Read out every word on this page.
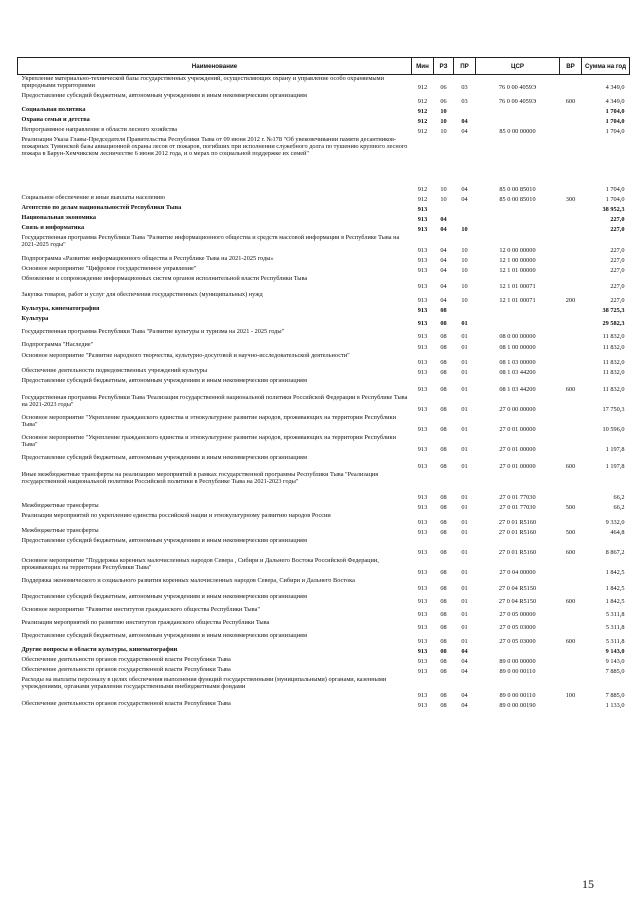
Наименование	Мин	РЗ	ПР	ЦСР	ВР	Сумма на год
Укрепление материально-технической базы государственных учреждений, осуществляющих охрану и управление особо охраняемыми природными территориями	912	06	03	76 0 00 4059Э		4 349,0
Предоставление субсидий бюджетным, автономным учреждениям и иным некоммерческим организациям	912	06	03	76 0 00 4059Э	600	4 349,0
Социальная политика	912	10				1 704,0
Охрана семьи и детства	912	10	04			1 704,0
Непрограммное направление в области лесного хозяйства	912	10	04	85 0 00 00000		1 704,0
Реализация Указа Главы-Председателя Правительства Республики Тыва от 09 июня 2012 г. №178 "Об увековечивании памяти десантников-пожарных Тувинской базы авиационной охраны лесов от пожаров, погибших при исполнении служебного долга по тушению крупного лесного пожара в Барун-Хемчикском лесничестве 6 июня 2012 года, и о мерах по социальной поддержке их семей"	912	10	04	85 0 00 85010		1 704,0
Социальное обеспечение и иные выплаты населению	912	10	04	85 0 00 85010	300	1 704,0
Агентство по делам национальностей Республики Тыва	913					38 952,3
Национальная экономика	913	04				227,0
Связь и информатика	913	04	10			227,0
Государственная программа Республики Тыва "Развитие информационного общества и средств массовой информации в Республике Тыва на 2021-2025 годы"	913	04	10	12 0 00 00000		227,0
Подпрограмма «Развитие информационного общества в Республике Тыва на 2021-2025 годы»	913	04	10	12 1 00 00000		227,0
Основное мероприятие "Цифровое государственное управление"	913	04	10	12 1 01 00000		227,0
Обновление и сопровождение информационных систем органов исполнительной власти Республики Тыва	913	04	10	12 1 01 00071		227,0
Закупка товаров, работ и услуг для обеспечения государственных (муниципальных) нужд	913	04	10	12 1 01 00071	200	227,0
Культура, кинематография	913	08				38 725,3
Культура	913	08	01			29 582,3
Государственная программа Республики Тыва "Развитие культуры и туризма на 2021 - 2025 годы"	913	08	01	08 0 00 00000		11 832,0
Подпрограмма "Наследие"	913	08	01	08 1 00 00000		11 832,0
Основное мероприятие "Развитие народного творчества, культурно-досуговой и научно-исследовательской деятельности"	913	08	01	08 1 03 00000		11 832,0
Обеспечение деятельности подведомственных учреждений культуры	913	08	01	08 1 03 44200		11 832,0
Предоставление субсидий бюджетным, автономным учреждениям и иным некоммерческим организациям	913	08	01	08 1 03 44200	600	11 832,0
Государственная программа Республики Тыва 'Реализация государственной национальной политики Российской Федерации в Республике Тыва на 2021-2023 годы"	913	08	01	27 0 00 00000		17 750,3
Основное мероприятие "Укрепление гражданского единства и этнокультурное развитие народов, проживающих на территории Республики Тыва"	913	08	01	27 0 01 00000		10 596,0
Основное мероприятие "Укрепление гражданского единства и этнокультурное развитие народов, проживающих на территории Республики Тыва"	913	08	01	27 0 01 00000		1 197,8
Предоставление субсидий бюджетным, автономным учреждениям и иным некоммерческим организациям	913	08	01	27 0 01 00000	600	1 197,8
Иные межбюджетные трансферты на реализацию мероприятий в рамках государственной программы Республики Тыва "Реализация государственной национальной политики Российской политики в Республике Тыва на 2021-2023 годы"	913	08	01	27 0 01 77030		66,2
Межбюджетные трансферты	913	08	01	27 0 01 77030	500	66,2
Реализация мероприятий по укреплению единства российской нации и этнокультурному развитию народов России	913	08	01	27 0 01 R5160		9 332,0
Межбюджетные трансферты	913	08	01	27 0 01 R5160	500	464,8
Предоставление субсидий бюджетным, автономным учреждениям и иным некоммерческим организациям	913	08	01	27 0 01 R5160	600	8 867,2
Основное мероприятие "Поддержка коренных малочисленных народов Севера , Сибири и Дальнего Востока Российской Федерации, проживающих на территории Республики Тыва"	913	08	01	27 0 04 00000		1 842,5
Поддержка экономического и социального развития коренных малочисленных народов Севера, Сибири и Дальнего Востока	913	08	01	27 0 04 R5150		1 842,5
Предоставление субсидий бюджетным, автономным учреждениям и иным некоммерческим организациям	913	08	01	27 0 04 R5150	600	1 842,5
Основное мероприятие "Развитие институтов гражданского общества Республики Тыва"	913	08	01	27 0 05 00000		5 311,8
Реализация мероприятий по развитию институтов гражданского общества Республики Тыва	913	08	01	27 0 05 03000		5 311,8
Предоставление субсидий бюджетным, автономным учреждениям и иным некоммерческим организациям	913	08	01	27 0 05 03000	600	5 311,8
Другие вопросы в области культуры, кинематографии	913	08	04			9 143,0
Обеспечение деятельности органов государственной власти Республики Тыва	913	08	04	89 0 00 00000		9 143,0
Обеспечение деятельности органов государственной власти Республики Тыва	913	08	04	89 0 00 00110		7 885,0
Расходы на выплаты персоналу в целях обеспечения выполнения функций государственными (муниципальными) органами, казенными учреждениями, органами управления государственными внебюджетными фондами	913	08	04	89 0 00 00110	100	7 885,0
Обеспечение деятельности органов государственной власти Республики Тыва	913	08	04	89 0 00 00190		1 133,0
15
